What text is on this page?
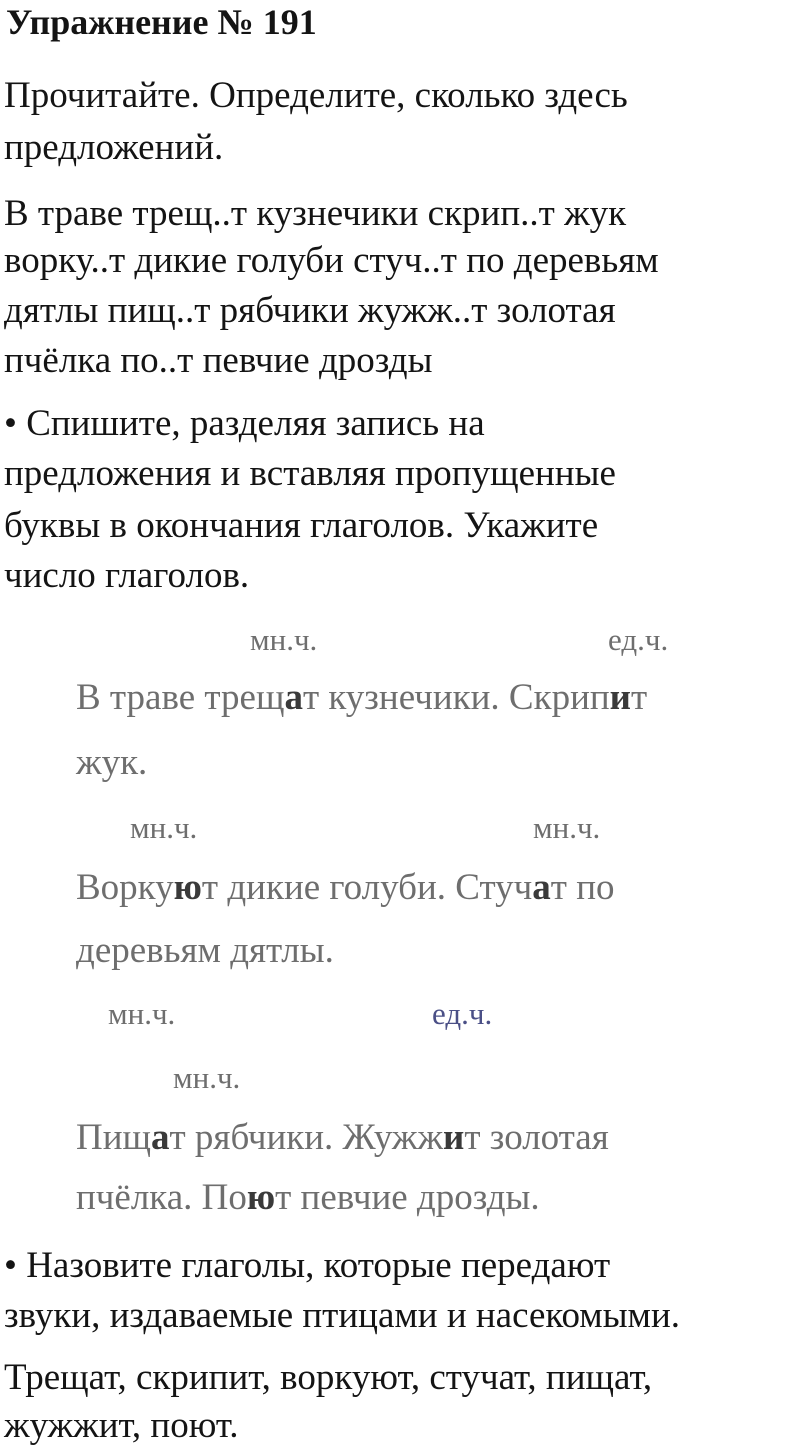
Упражнение № 191
Прочитайте. Определите, сколько здесь
предложений.
В траве трещ..т кузнечики скрип..т жук
ворку..т дикие голуби стуч..т по деревьям
дятлы пищ..т рябчики жужж..т золотая
пчёлка по..т певчие дрозды
• Спишите, разделяя запись на
предложения и вставляя пропущенные
буквы в окончания глаголов. Укажите
число глаголов.
мн.ч.	ед.ч.
В траве трещат кузнечики. Скрипит
жук.
мн.ч.	мн.ч.
Воркуют дикие голуби. Стучат по
деревьям дятлы.
мн.ч.	ед.ч.
мн.ч.
Пищат рябчики. Жужжит золотая
пчёлка. Поют певчие дрозды.
• Назовите глаголы, которые передают
звуки, издаваемые птицами и насекомыми.
Трещат, скрипит, воркуют, стучат, пищат,
жужжит, поют.
